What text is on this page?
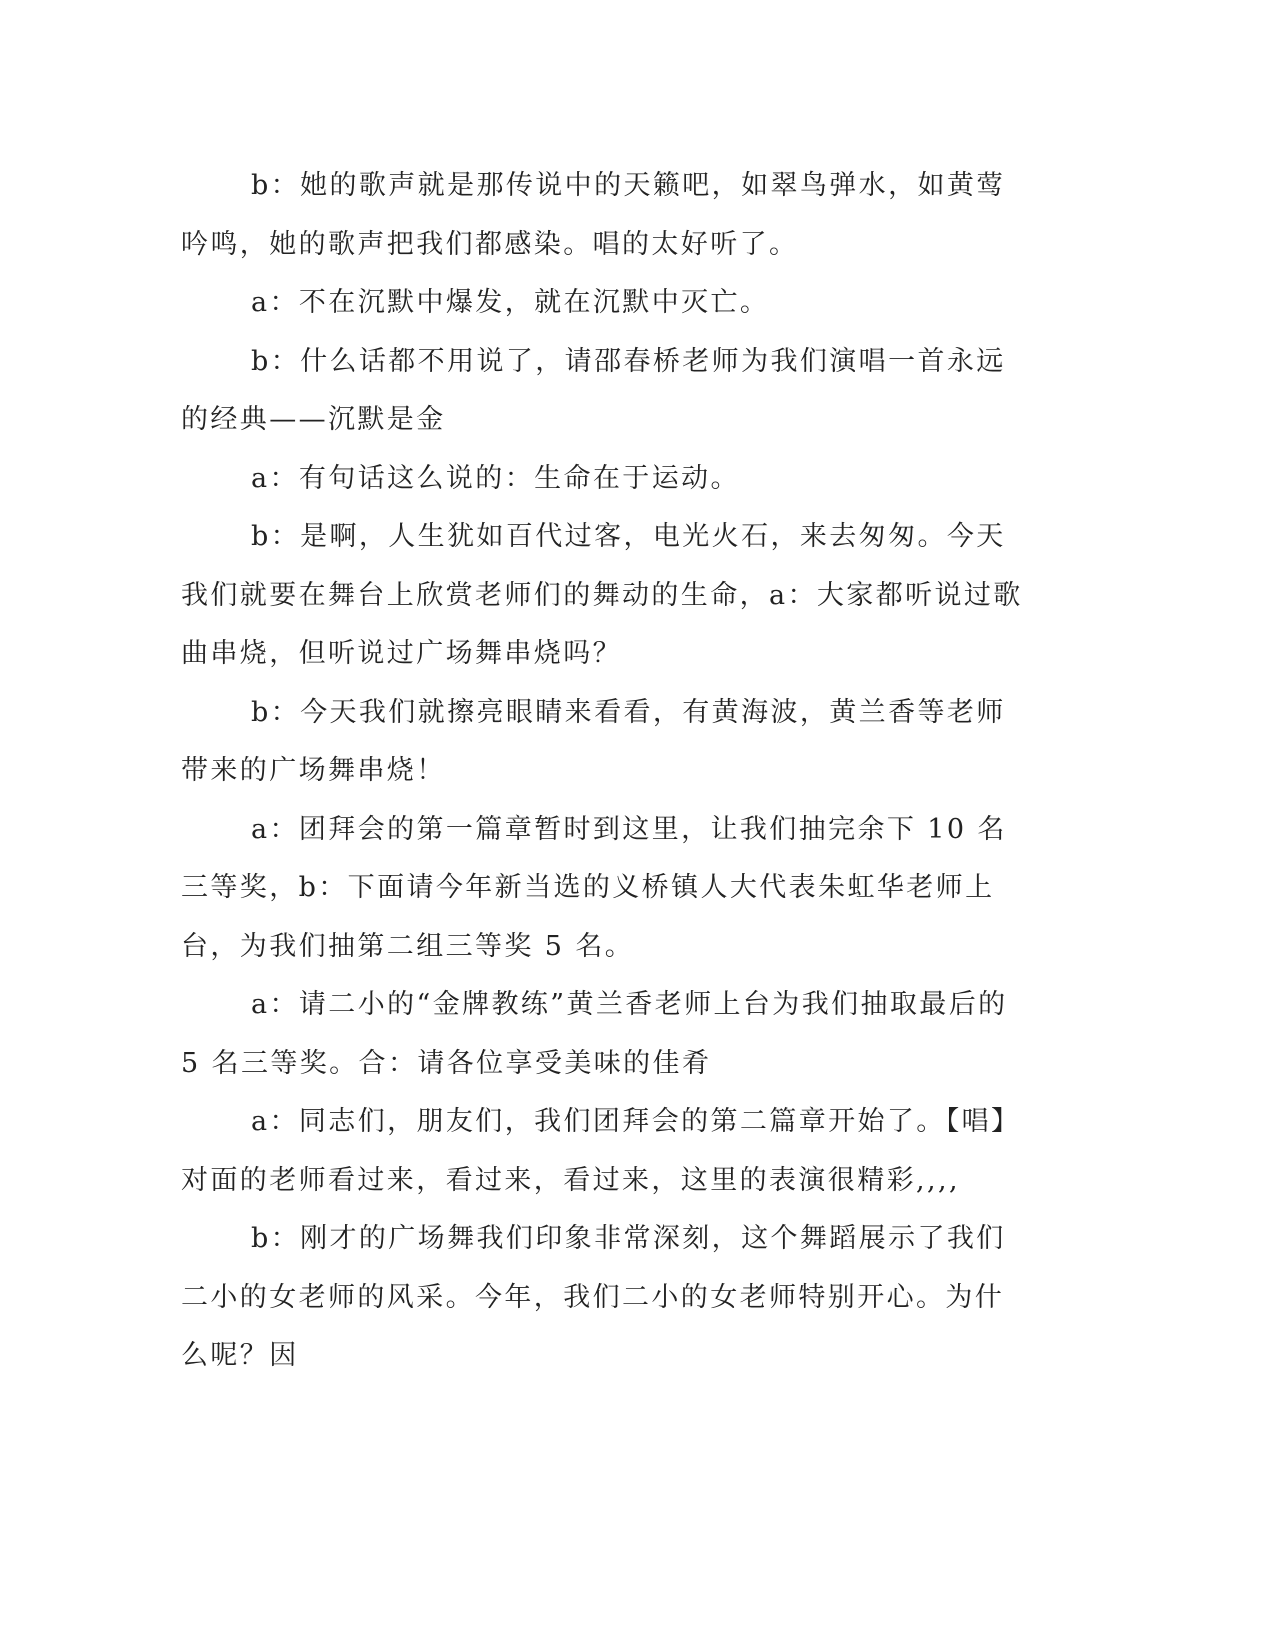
b：她的歌声就是那传说中的天籁吧，如翠鸟弹水，如黄莺吟鸣，她的歌声把我们都感染。唱的太好听了。

a：不在沉默中爆发，就在沉默中灭亡。

b：什么话都不用说了，请邵春桥老师为我们演唱一首永远的经典——沉默是金

a：有句话这么说的：生命在于运动。

b：是啊，人生犹如百代过客，电光火石，来去匆匆。今天我们就要在舞台上欣赏老师们的舞动的生命，a：大家都听说过歌曲串烧，但听说过广场舞串烧吗？

b：今天我们就擦亮眼睛来看看，有黄海波，黄兰香等老师带来的广场舞串烧！

a：团拜会的第一篇章暂时到这里，让我们抽完余下 10 名三等奖，b：下面请今年新当选的义桥镇人大代表朱虹华老师上台，为我们抽第二组三等奖 5 名。

a：请二小的“金牌教练”黄兰香老师上台为我们抽取最后的 5 名三等奖。合：请各位享受美味的佳肴

a：同志们，朋友们，我们团拜会的第二篇章开始了。【唱】对面的老师看过来，看过来，看过来，这里的表演很精彩,,,,

b：刚才的广场舞我们印象非常深刻，这个舞蹈展示了我们二小的女老师的风采。今年，我们二小的女老师特别开心。为什么呢？因
